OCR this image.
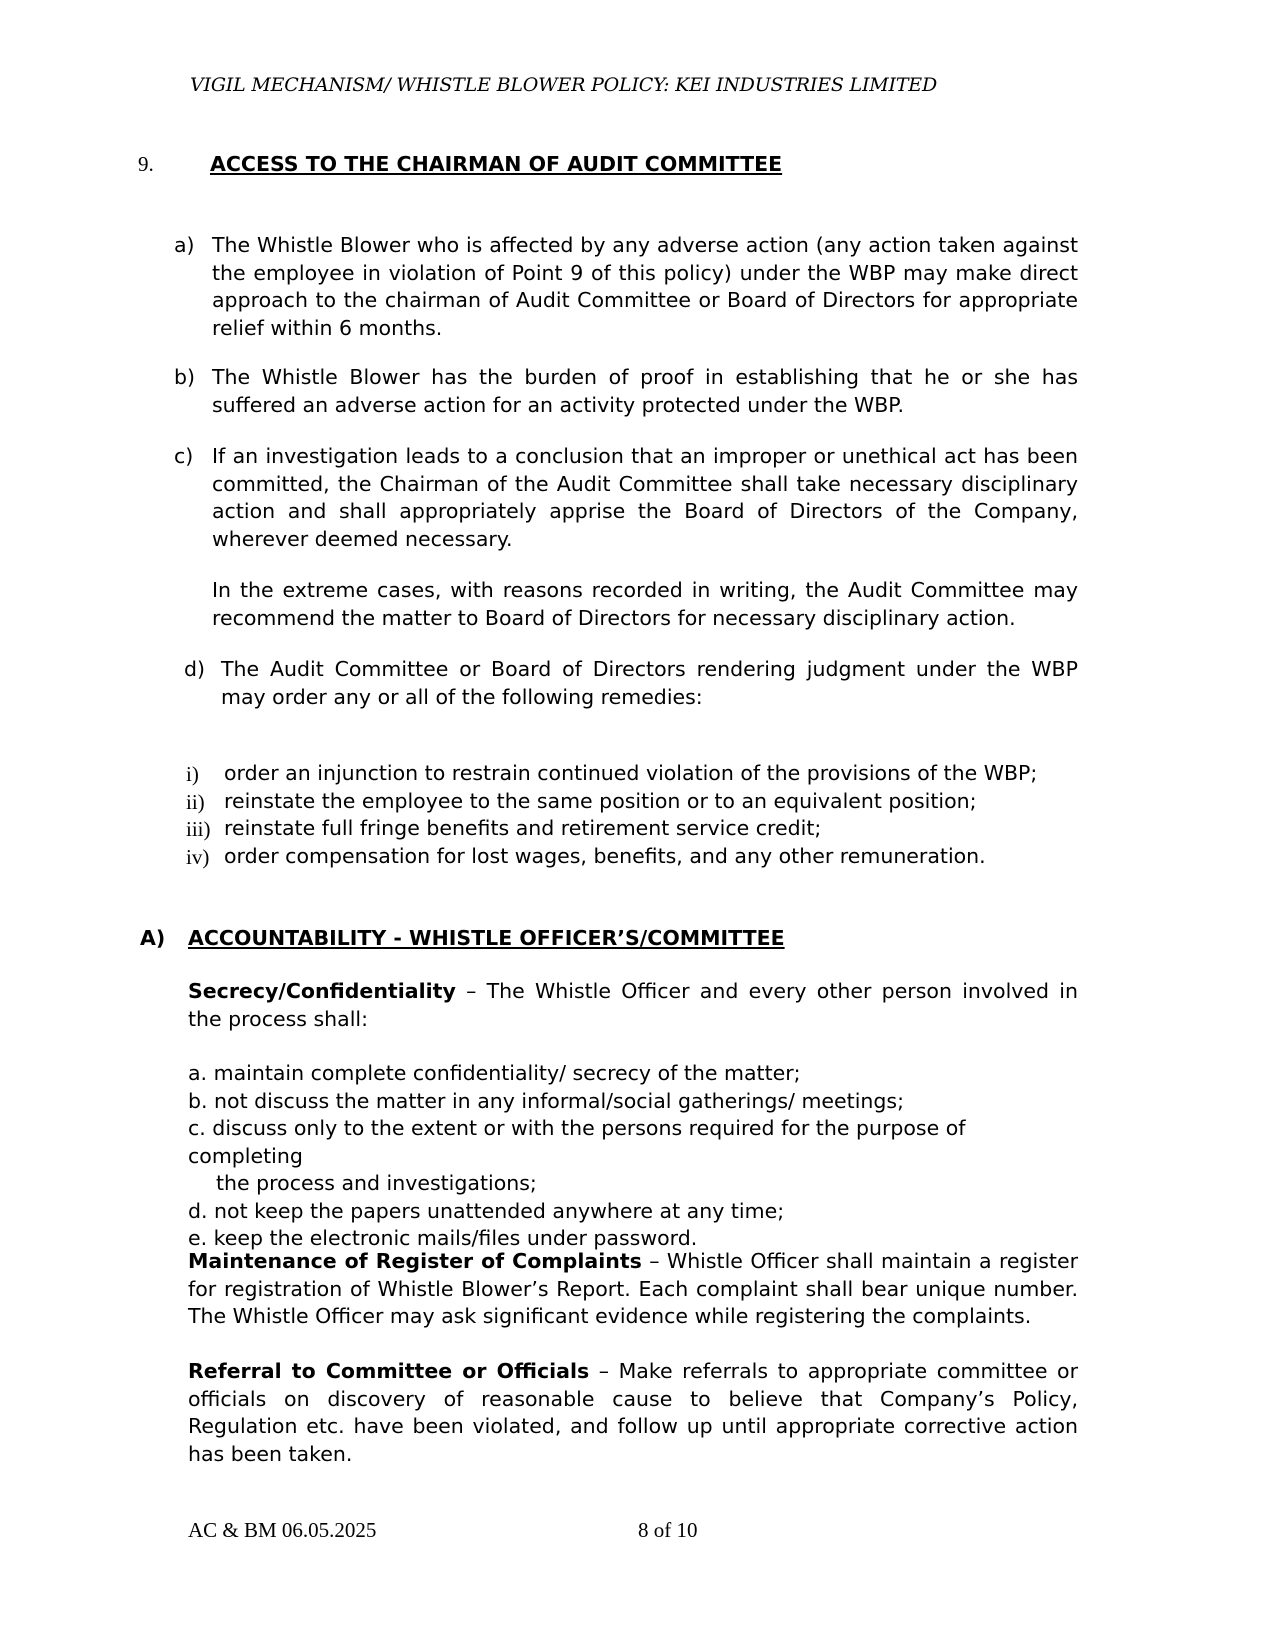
VIGIL MECHANISM/ WHISTLE BLOWER POLICY: KEI INDUSTRIES LIMITED
9.	ACCESS TO THE CHAIRMAN OF AUDIT COMMITTEE
a) The Whistle Blower who is affected by any adverse action (any action taken against the employee in violation of Point 9 of this policy) under the WBP may make direct approach to the chairman of Audit Committee or Board of Directors for appropriate relief within 6 months.
b) The Whistle Blower has the burden of proof in establishing that he or she has suffered an adverse action for an activity protected under the WBP.
c) If an investigation leads to a conclusion that an improper or unethical act has been committed, the Chairman of the Audit Committee shall take necessary disciplinary action and shall appropriately apprise the Board of Directors of the Company, wherever deemed necessary.
In the extreme cases, with reasons recorded in writing, the Audit Committee may recommend the matter to Board of Directors for necessary disciplinary action.
d) The Audit Committee or Board of Directors rendering judgment under the WBP may order any or all of the following remedies:
i) order an injunction to restrain continued violation of the provisions of the WBP;
ii) reinstate the employee to the same position or to an equivalent position;
iii) reinstate full fringe benefits and retirement service credit;
iv) order compensation for lost wages, benefits, and any other remuneration.
A) ACCOUNTABILITY - WHISTLE OFFICER’S/COMMITTEE
Secrecy/Confidentiality – The Whistle Officer and every other person involved in the process shall:
a. maintain complete confidentiality/ secrecy of the matter;
b. not discuss the matter in any informal/social gatherings/ meetings;
c. discuss only to the extent or with the persons required for the purpose of completing
the process and investigations;
d. not keep the papers unattended anywhere at any time;
e. keep the electronic mails/files under password.
Maintenance of Register of Complaints – Whistle Officer shall maintain a register for registration of Whistle Blower’s Report. Each complaint shall bear unique number. The Whistle Officer may ask significant evidence while registering the complaints.
Referral to Committee or Officials – Make referrals to appropriate committee or officials on discovery of reasonable cause to believe that Company’s Policy, Regulation etc. have been violated, and follow up until appropriate corrective action has been taken.
AC & BM 06.05.2025	8 of 10
